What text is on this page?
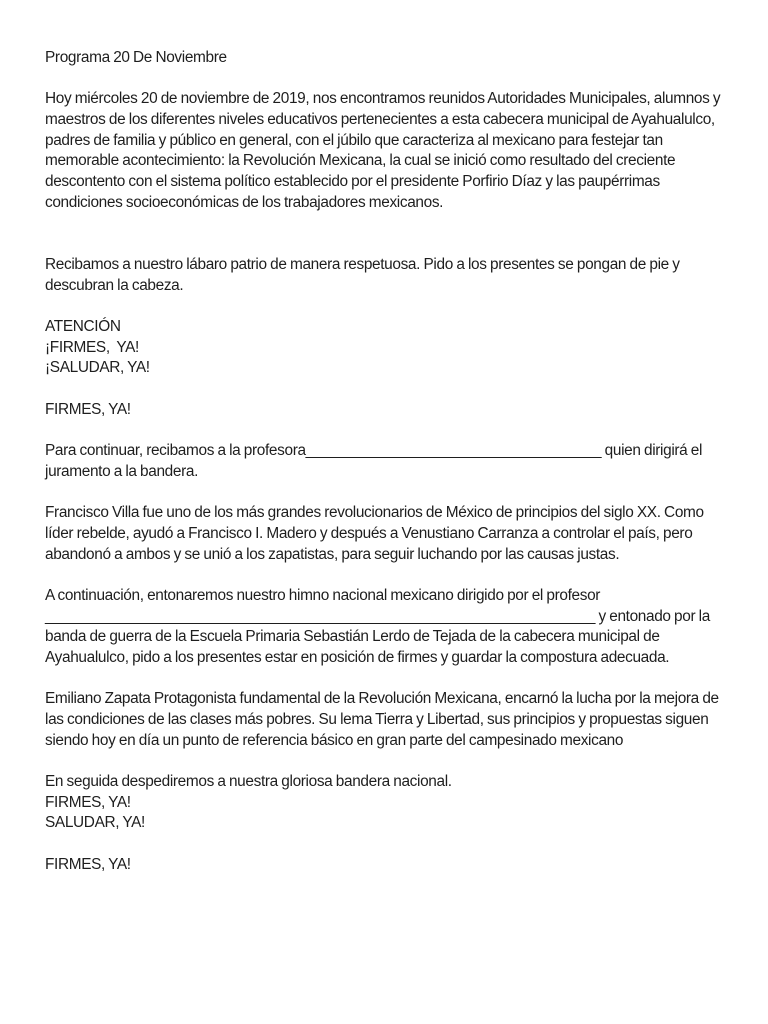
Programa 20 De Noviembre
Hoy miércoles 20 de noviembre de 2019, nos encontramos reunidos Autoridades Municipales, alumnos y
maestros de los diferentes niveles educativos pertenecientes a esta cabecera municipal de Ayahualulco,
padres de familia y público en general, con el júbilo que caracteriza al mexicano para festejar tan
memorable acontecimiento: la Revolución Mexicana, la cual se inició como resultado del creciente
descontento con el sistema político establecido por el presidente Porfirio Díaz y las paupérrimas
condiciones socioeconómicas de los trabajadores mexicanos.
Recibamos a nuestro lábaro patrio de manera respetuosa. Pido a los presentes se pongan de pie y
descubran la cabeza.
ATENCIÓN
¡FIRMES,  YA!
¡SALUDAR, YA!
FIRMES, YA!
Para continuar, recibamos a la profesora____________________________________ quien dirigirá el
juramento a la bandera.
Francisco Villa fue uno de los más grandes revolucionarios de México de principios del siglo XX. Como
líder rebelde, ayudó a Francisco I. Madero y después a Venustiano Carranza a controlar el país, pero
abandonó a ambos y se unió a los zapatistas, para seguir luchando por las causas justas.
A continuación, entonaremos nuestro himno nacional mexicano dirigido por el profesor
___________________________________________________________________ y entonado por la
banda de guerra de la Escuela Primaria Sebastián Lerdo de Tejada de la cabecera municipal de
Ayahualulco, pido a los presentes estar en posición de firmes y guardar la compostura adecuada.
Emiliano Zapata Protagonista fundamental de la Revolución Mexicana, encarnó la lucha por la mejora de
las condiciones de las clases más pobres. Su lema Tierra y Libertad, sus principios y propuestas siguen
siendo hoy en día un punto de referencia básico en gran parte del campesinado mexicano
En seguida despediremos a nuestra gloriosa bandera nacional.
FIRMES, YA!
SALUDAR, YA!
FIRMES, YA!
